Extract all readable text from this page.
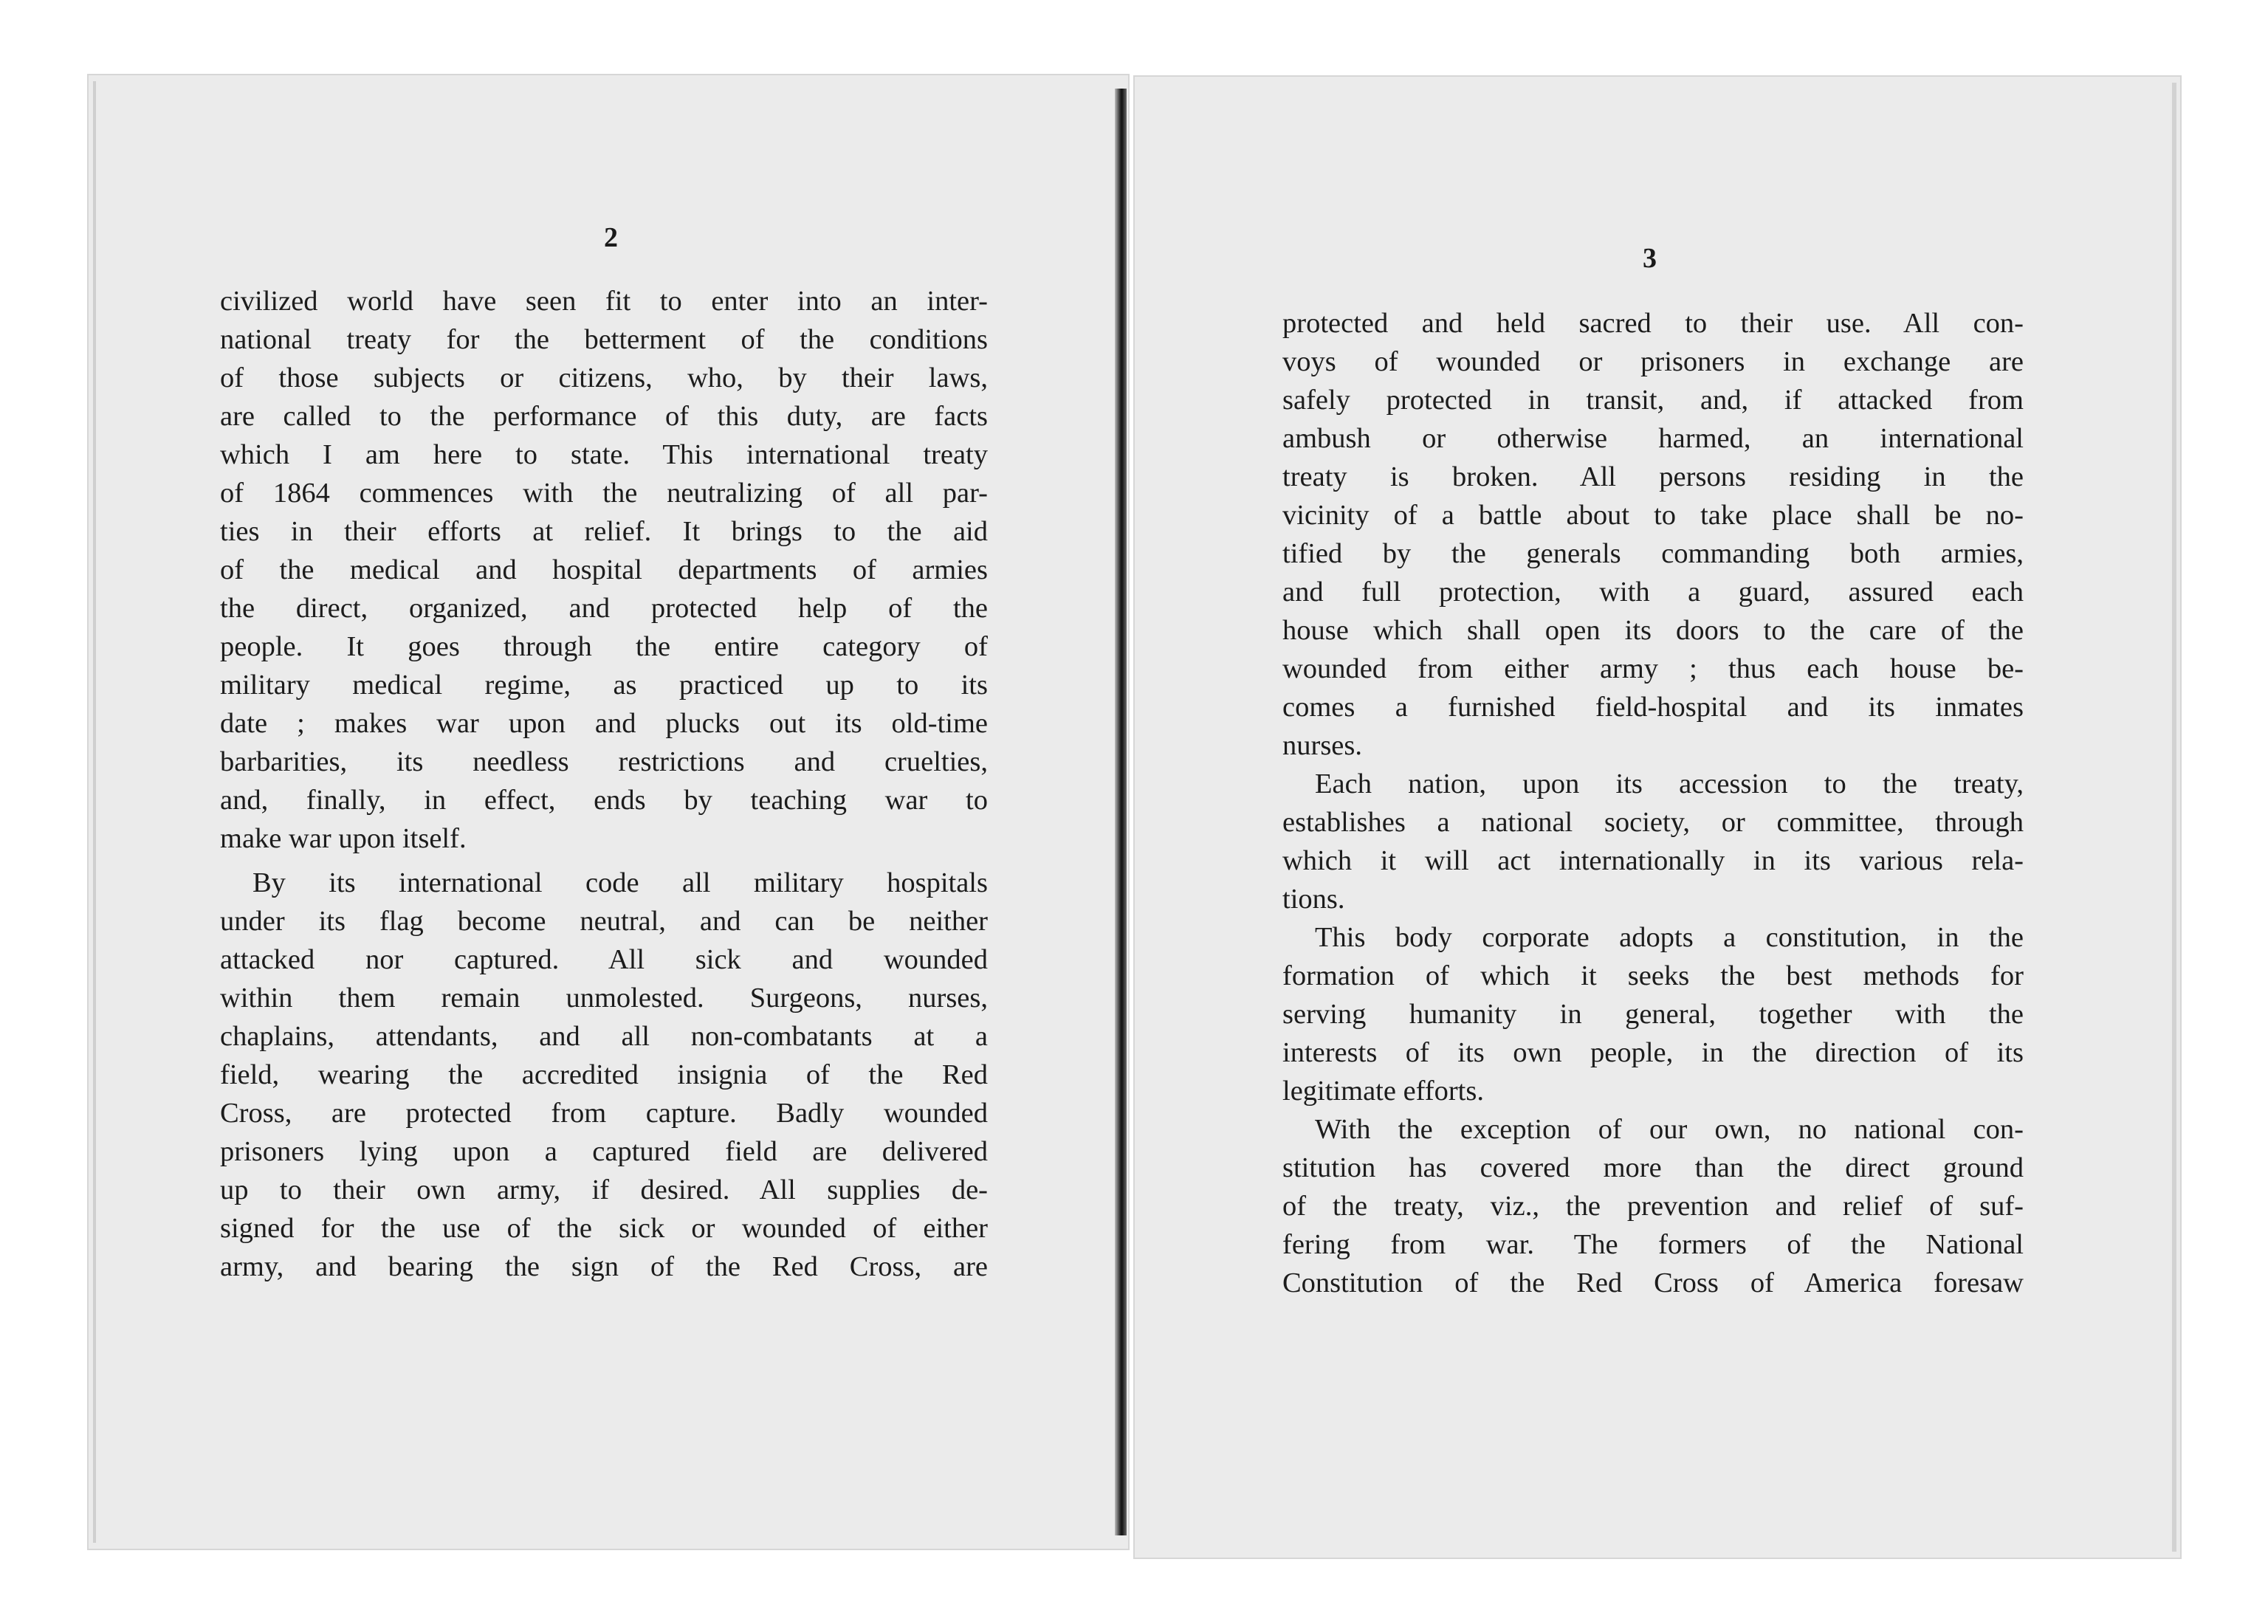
2

civilized world have seen fit to enter into an inter-
national treaty for the betterment of the conditions
of those subjects or citizens, who, by their laws,
are called to the performance of this duty, are facts
which I am here to state. This international treaty
of 1864 commences with the neutralizing of all par-
ties in their efforts at relief. It brings to the aid
of the medical and hospital departments of armies
the direct, organized, and protected help of the
people. It goes through the entire category of
military medical regime, as practiced up to its
date ; makes war upon and plucks out its old-time
barbarities, its needless restrictions and cruelties,
and, finally, in effect, ends by teaching war to
make war upon itself.

By its international code all military hospitals
under its flag become neutral, and can be neither
attacked nor captured. All sick and wounded
within them remain unmolested. Surgeons, nurses,
chaplains, attendants, and all non-combatants at a
field, wearing the accredited insignia of the Red
Cross, are protected from capture. Badly wounded
prisoners lying upon a captured field are delivered
up to their own army, if desired. All supplies de-
signed for the use of the sick or wounded of either
army, and bearing the sign of the Red Cross, are

3

protected and held sacred to their use. All con-
voys of wounded or prisoners in exchange are
safely protected in transit, and, if attacked from
ambush or otherwise harmed, an international
treaty is broken. All persons residing in the
vicinity of a battle about to take place shall be no-
tified by the generals commanding both armies,
and full protection, with a guard, assured each
house which shall open its doors to the care of the
wounded from either army ; thus each house be-
comes a furnished field-hospital and its inmates
nurses.

Each nation, upon its accession to the treaty,
establishes a national society, or committee, through
which it will act internationally in its various rela-
tions.

This body corporate adopts a constitution, in the
formation of which it seeks the best methods for
serving humanity in general, together with the
interests of its own people, in the direction of its
legitimate efforts.

With the exception of our own, no national con-
stitution has covered more than the direct ground
of the treaty, viz., the prevention and relief of suf-
fering from war. The formers of the National
Constitution of the Red Cross of America foresaw
